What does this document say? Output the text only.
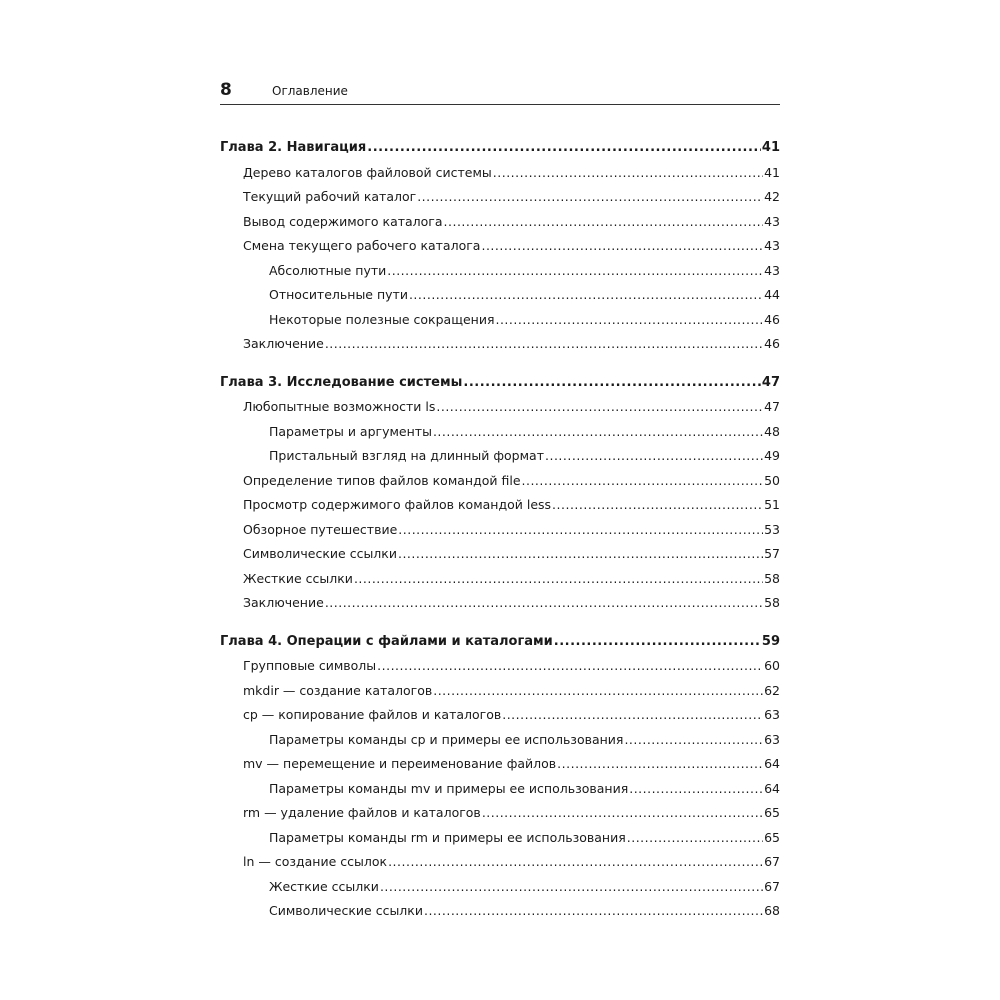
8	Оглавление
Глава 2. Навигация .....	41
Дерево каталогов файловой системы .....	41
Текущий рабочий каталог .....	42
Вывод содержимого каталога .....	43
Смена текущего рабочего каталога .....	43
Абсолютные пути .....	43
Относительные пути .....	44
Некоторые полезные сокращения .....	46
Заключение .....	46
Глава 3. Исследование системы .....	47
Любопытные возможности ls .....	47
Параметры и аргументы .....	48
Пристальный взгляд на длинный формат .....	49
Определение типов файлов командой file .....	50
Просмотр содержимого файлов командой less .....	51
Обзорное путешествие .....	53
Символические ссылки .....	57
Жесткие ссылки .....	58
Заключение .....	58
Глава 4. Операции с файлами и каталогами .....	59
Групповые символы .....	60
mkdir — создание каталогов .....	62
cp — копирование файлов и каталогов .....	63
Параметры команды cp и примеры ее использования .....	63
mv — перемещение и переименование файлов .....	64
Параметры команды mv и примеры ее использования .....	64
rm — удаление файлов и каталогов .....	65
Параметры команды rm и примеры ее использования .....	65
ln — создание ссылок .....	67
Жесткие ссылки .....	67
Символические ссылки .....	68
